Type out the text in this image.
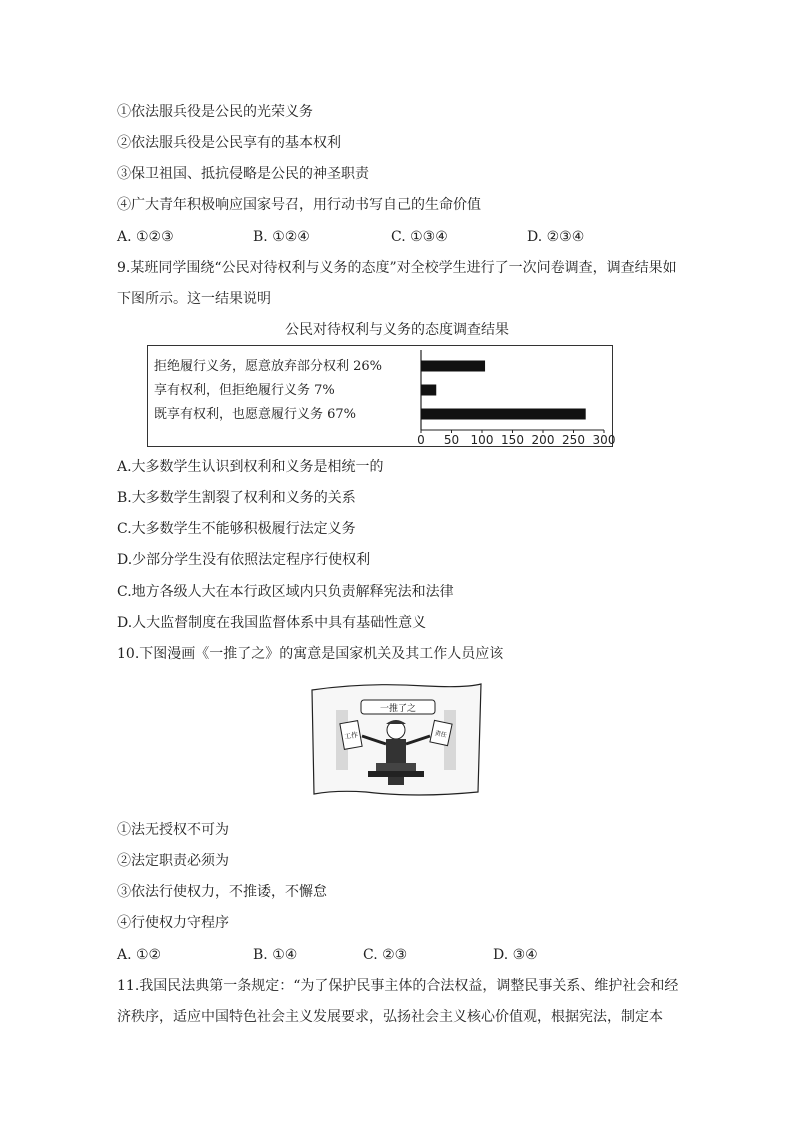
①依法服兵役是公民的光荣义务
②依法服兵役是公民享有的基本权利
③保卫祖国、抵抗侵略是公民的神圣职责
④广大青年积极响应国家号召，用行动书写自己的生命价值
A. ①②③	B. ①②④	C. ①③④	D. ②③④
9.某班同学围绕“公民对待权利与义务的态度”对全校学生进行了一次问卷调查，调查结果如
下图所示。这一结果说明
公民对待权利与义务的态度调查结果
拒绝履行义务，愿意放弃部分权利 26%
享有权利，但拒绝履行义务 7%
既享有权利，也愿意履行义务 67%
0 50 100 150 200 250 300
A.大多数学生认识到权利和义务是相统一的
B.大多数学生割裂了权利和义务的关系
C.大多数学生不能够积极履行法定义务
D.少部分学生没有依照法定程序行使权利
C.地方各级人大在本行政区域内只负责解释宪法和法律
D.人大监督制度在我国监督体系中具有基础性意义
10.下图漫画《一推了之》的寓意是国家机关及其工作人员应该
一推了之
工作	责任
①法无授权不可为
②法定职责必须为
③依法行使权力，不推诿，不懈怠
④行使权力守程序
A. ①②	B. ①④	C. ②③	D. ③④
11.我国民法典第一条规定：“为了保护民事主体的合法权益，调整民事关系、维护社会和经
济秩序，适应中国特色社会主义发展要求，弘扬社会主义核心价值观，根据宪法，制定本
